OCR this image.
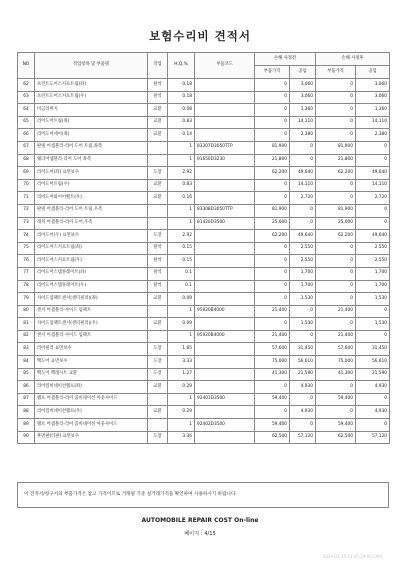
보험수리비 견적서
NO	작업항목 및 부품명	작업	H,Q,%	부품코드	손해 사정전		손해 사정후	
					부품가격	공임	부품가격	공임
62	프런트도어스커프트림(좌)	탈착	0.18		0	3,060	0	3,060
63	프런트도어스커프트림(우)	탈착	0.18		0	3,060	0	3,060
64	비금러버지	교환	0.08		0	1,360	0	1,360
65	리어도어트림(좌)	교환	0.83		0	14,110	0	14,110
66	리어도어세이(좌)	교환	0.14		0	2,380	0	2,380
67	판넬 어셈블리-리어 도어 트림,좌측		1	83307D3050TTP	81,900	0	81,900	0
68	웨더어셈블리-리어 도어 좌측		1	91650D3230	21,800	0	21,800	0
69	리어도어(좌) 표면보수	도장	2.92		62,200	49,640	62,200	49,640
70	리어도어트림(우)	교환	0.83		0	14,110	0	14,110
71	리어도어와이어벨트(우)	교환	0.16		0	2,720	0	2,720
72	판넬 어셈블리-리어 도어 트림,우측		1	83308D3050TTP	81,900	0	81,900	0
73	래치 어셈블리-리어 도어,우측		1	81420D3500	25,000	0	25,000	0
74	리어도어(우) 표면보수	도장	2.92		62,200	49,640	62,200	49,640
75	리어도어스커프트림(좌)	탈착	0.15		0	2,550	0	2,550
76	리어도어스커프트림(우)	탈착	0.15		0	2,550	0	2,550
77	리어도어스텝플레이트(좌)	탈착	0.1		0	1,700	0	1,700
78	리어도어스텝플레이트(우)	탈착	0.1		0	1,700	0	1,700
79	사이드임팩트센서(센터필러)(좌)	교환	0.09		0	1,530	0	1,530
80	센서 어셈블리-사이드 임팩트		1	95920B4000	21,400	0	21,400	0
81	사이드임팩트센서(센터필러)(우)	교환	0.09		0	1,530	0	1,530
82	센서 어셈블리-사이드 임팩트		1	95920B4000	21,400	0	21,400	0
83	리어필러 표면보수	도장	1.85		57,600	31,450	57,600	31,450
84	백도어 표면보수	도장	3.33		75,000	56,610	75,000	56,610
85	백도어 백래시트 교환	도장	1.27		41,300	21,590	41,300	21,590
86	리어컴비네이션램프(좌)	교환	0.29		0	4,930	0	4,930
87	램프 어셈블리-리어 콤비네이션 아웃사이드		1	92401D3500	59,400	0	59,400	0
88	리어컴비네이션램프(우)	교환	0.29		0	4,930	0	4,930
89	램프 어셈블리-리어 콤비네이션 아웃사이드		1	92402D3500	59,400	0	59,400	0
90	후면판(티판) 표면보수	도장	3.36		62,500	57,120	62,500	57,120
이 견적서/청구서의 부품가격은 참고 가격이므로 거래될 기준 실거래가격을 확인하여 사용하시기 바랍니다.
AUTOMOBILE REPAIR COST On-line
페이지 : 4/15
2024-02-15 11:05:29 A01390
